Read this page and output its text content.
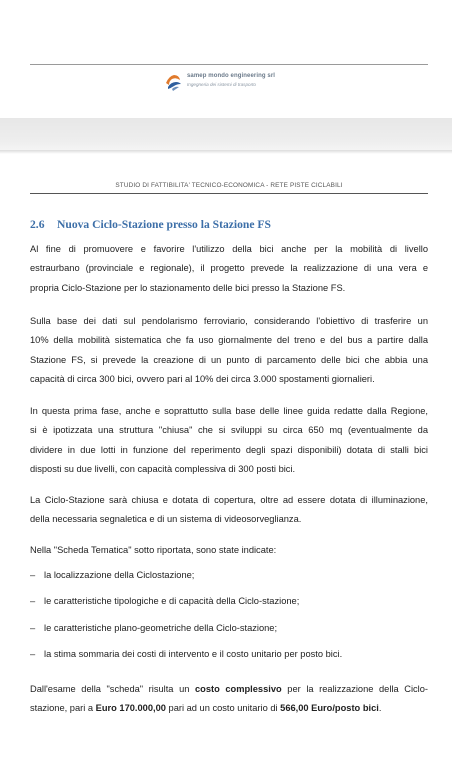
samep mondo engineering srl
Ingegneria dei sistemi di trasporto
STUDIO DI FATTIBILITA' TECNICO-ECONOMICA - RETE PISTE CICLABILI
2.6 Nuova Ciclo-Stazione presso la Stazione FS
Al fine di promuovere e favorire l'utilizzo della bici anche per la mobilità di livello
estraurbano (provinciale e regionale), il progetto prevede la realizzazione di una vera e
propria Ciclo-Stazione per lo stazionamento delle bici presso la Stazione FS.
Sulla base dei dati sul pendolarismo ferroviario, considerando l'obiettivo di trasferire un
10% della mobilità sistematica che fa uso giornalmente del treno e del bus a partire dalla
Stazione FS, si prevede la creazione di un punto di parcamento delle bici che abbia una
capacità di circa 300 bici, ovvero pari al 10% dei circa 3.000 spostamenti giornalieri.
In questa prima fase, anche e soprattutto sulla base delle linee guida redatte dalla Regione,
si è ipotizzata una struttura "chiusa" che si sviluppi su circa 650 mq (eventualmente da
dividere in due lotti in funzione del reperimento degli spazi disponibili) dotata di stalli bici
disposti su due livelli, con capacità complessiva di 300 posti bici.
La Ciclo-Stazione sarà chiusa e dotata di copertura, oltre ad essere dotata di illuminazione,
della necessaria segnaletica e di un sistema di videosorveglianza.
Nella "Scheda Tematica" sotto riportata, sono state indicate:
– la localizzazione della Ciclostazione;
– le caratteristiche tipologiche e di capacità della Ciclo-stazione;
– le caratteristiche plano-geometriche della Ciclo-stazione;
– la stima sommaria dei costi di intervento e il costo unitario per posto bici.
Dall'esame della "scheda" risulta un costo complessivo per la realizzazione della Ciclo-
stazione, pari a Euro 170.000,00 pari ad un costo unitario di 566,00 Euro/posto bici.
